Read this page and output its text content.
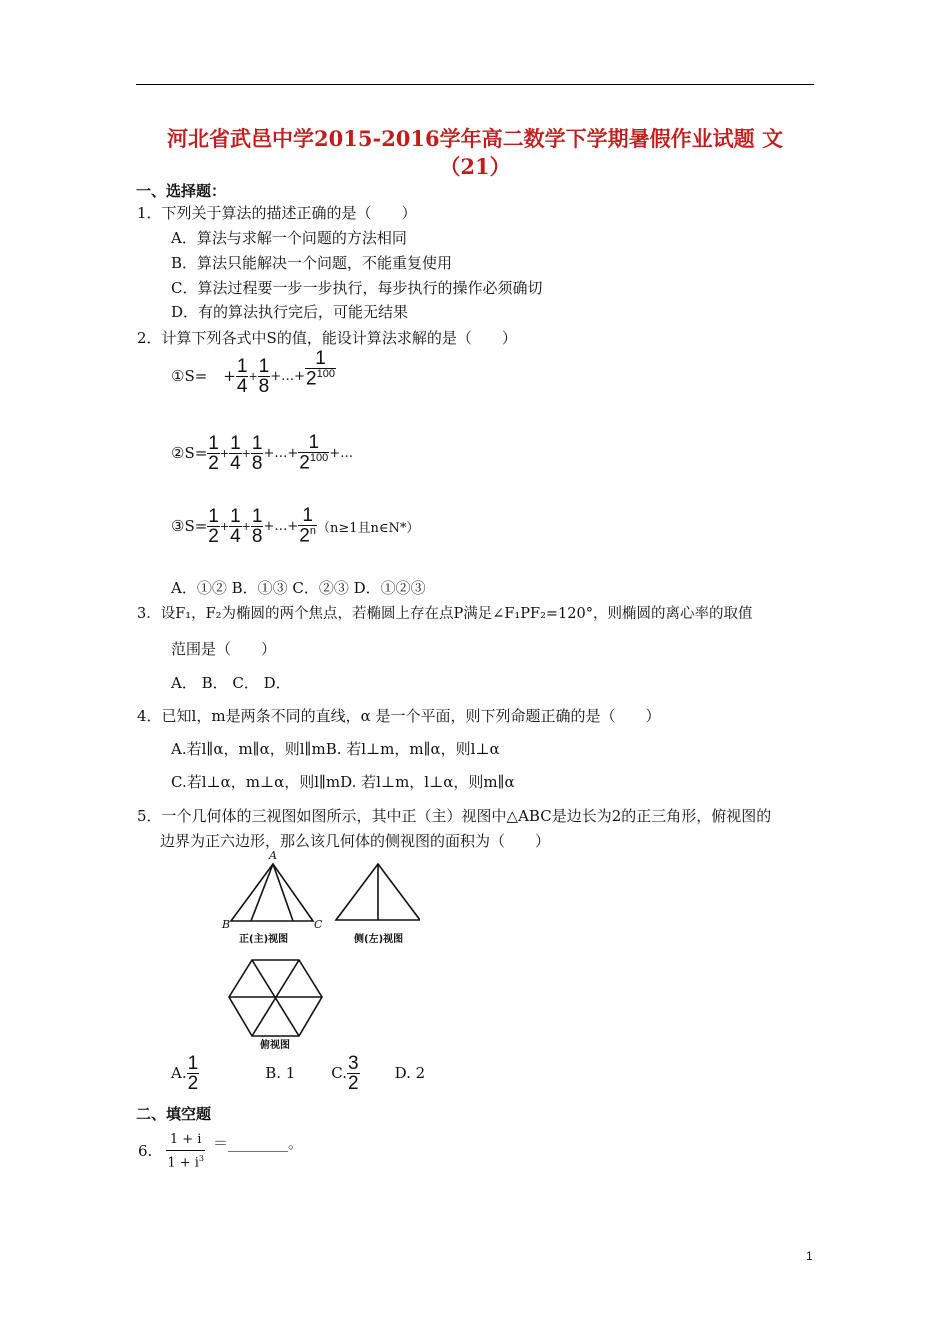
河北省武邑中学2015-2016学年高二数学下学期暑假作业试题 文
（21）
一、选择题：
1．下列关于算法的描述正确的是（　　）
A．算法与求解一个问题的方法相同
B．算法只能解决一个问题，不能重复使用
C．算法过程要一步一步执行，每步执行的操作必须确切
D．有的算法执行完后，可能无结果
2．计算下列各式中S的值，能设计算法求解的是（　　）
①S= + $\frac{1}{4} + \frac{1}{8}$ +…+ $\frac{1}{2^{100}}$
②S= $\frac{1}{2} + \frac{1}{4} + \frac{1}{8}$ +…+ $\frac{1}{2^{100}}$ +…
③S= $\frac{1}{2} + \frac{1}{4} + \frac{1}{8}$ +…+ $\frac{1}{2^n} (n\ge 1$且n∈N*）
A．①② B．①③ C．②③ D．①②③
3．设F₁，F₂为椭圆的两个焦点，若椭圆上存在点P满足∠F₁PF₂=120°，则椭圆的离心率的取值
范围是（　　）
A． B． C． D．
4．已知l，m是两条不同的直线，α 是一个平面，则下列命题正确的是（　　）
A.若l∥α，m∥α，则l∥mB. 若l⊥m，m∥α，则l⊥α
C.若l⊥α，m⊥α，则l∥mD. 若l⊥m，l⊥α，则m∥α
5．一个几何体的三视图如图所示，其中正（主）视图中△ABC是边长为2的正三角形，俯视图的
边界为正六边形，那么该几何体的侧视图的面积为（　　）
A
B	C
正(主)视图	侧(左)视图
俯视图
A. $\frac{1}{2}$	B. 1 C. $\frac{3}{2} D$. 2
二、填空题
6. $\frac{1 + i}{1 + i^3}$ ＝________。
1
